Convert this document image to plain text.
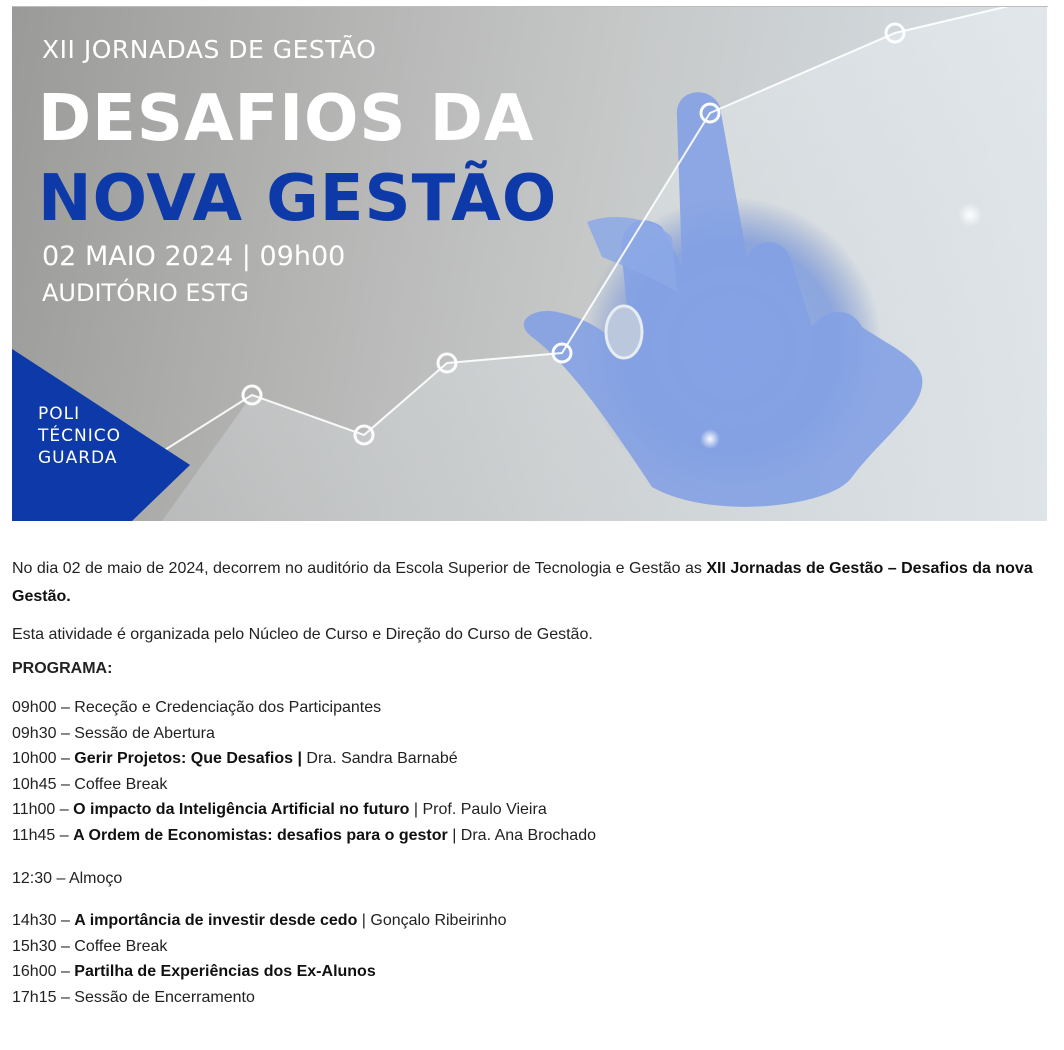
XII JORNADAS DE GESTÃO

DESAFIOS DA

NOVA GESTÃO

02 MAIO 2024 | 09h00

AUDITÓRIO ESTG

POLI
TÉCNICO
GUARDA

No dia 02 de maio de 2024, decorrem no auditório da Escola Superior de Tecnologia e Gestão as XII Jornadas de Gestão – Desafios da nova Gestão.

Esta atividade é organizada pelo Núcleo de Curso e Direção do Curso de Gestão.

PROGRAMA:

09h00 – Receção e Credenciação dos Participantes
09h30 – Sessão de Abertura
10h00 – Gerir Projetos: Que Desafios | Dra. Sandra Barnabé
10h45 – Coffee Break
11h00 – O impacto da Inteligência Artificial no futuro | Prof. Paulo Vieira
11h45 – A Ordem de Economistas: desafios para o gestor | Dra. Ana Brochado
12:30 – Almoço
14h30 – A importância de investir desde cedo | Gonçalo Ribeirinho
15h30 – Coffee Break
16h00 – Partilha de Experiências dos Ex-Alunos
17h15 – Sessão de Encerramento
